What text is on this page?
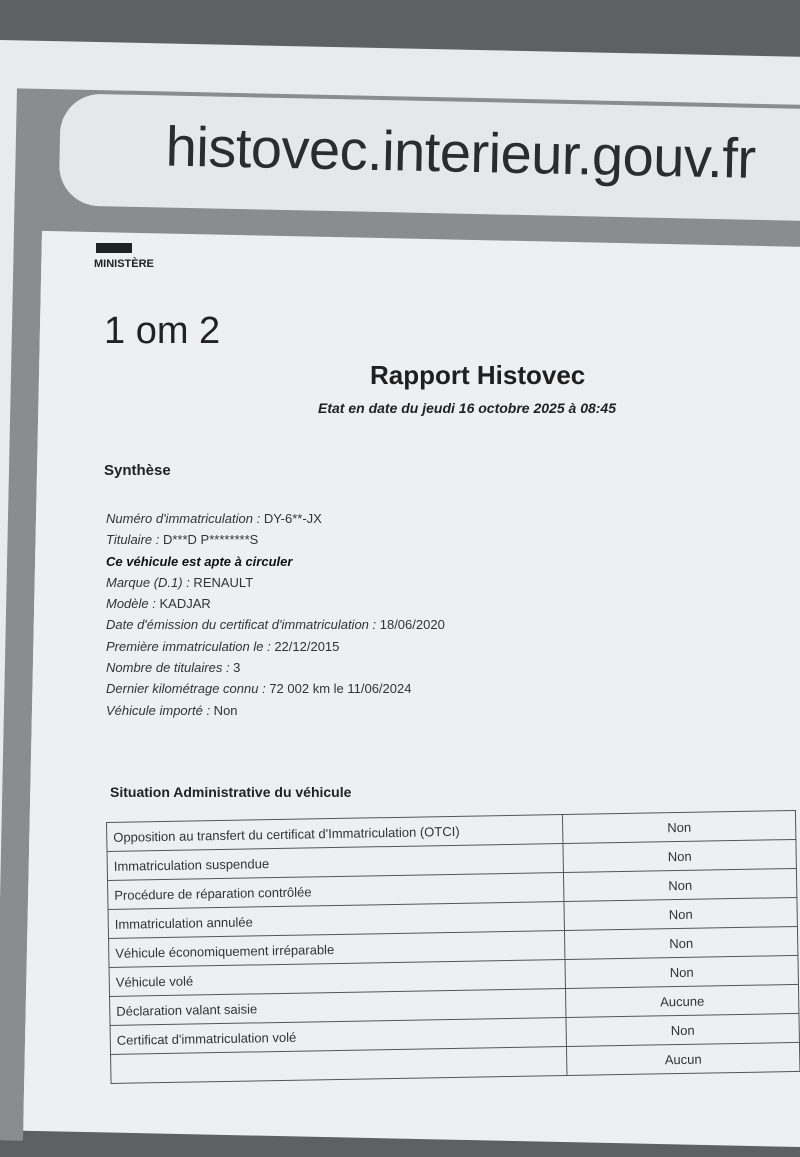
histovec.interieur.gouv.fr
MINISTÈRE
1 om 2
Rapport Histovec
Etat en date du jeudi 16 octobre 2025 à 08:45
Synthèse
Numéro d'immatriculation : DY-6**-JX
Titulaire : D***D P********S
Ce véhicule est apte à circuler
Marque (D.1) : RENAULT
Modèle : KADJAR
Date d'émission du certificat d'immatriculation : 18/06/2020
Première immatriculation le : 22/12/2015
Nombre de titulaires : 3
Dernier kilométrage connu : 72 002 km le 11/06/2024
Véhicule importé : Non
Situation Administrative du véhicule
Opposition au transfert du certificat d'Immatriculation (OTCI)	Non
Immatriculation suspendue	Non
Procédure de réparation contrôlée	Non
Immatriculation annulée	Non
Véhicule économiquement irréparable	Non
Véhicule volé	Non
Déclaration valant saisie	Aucune
Certificat d'immatriculation volé	Non
	Aucun
